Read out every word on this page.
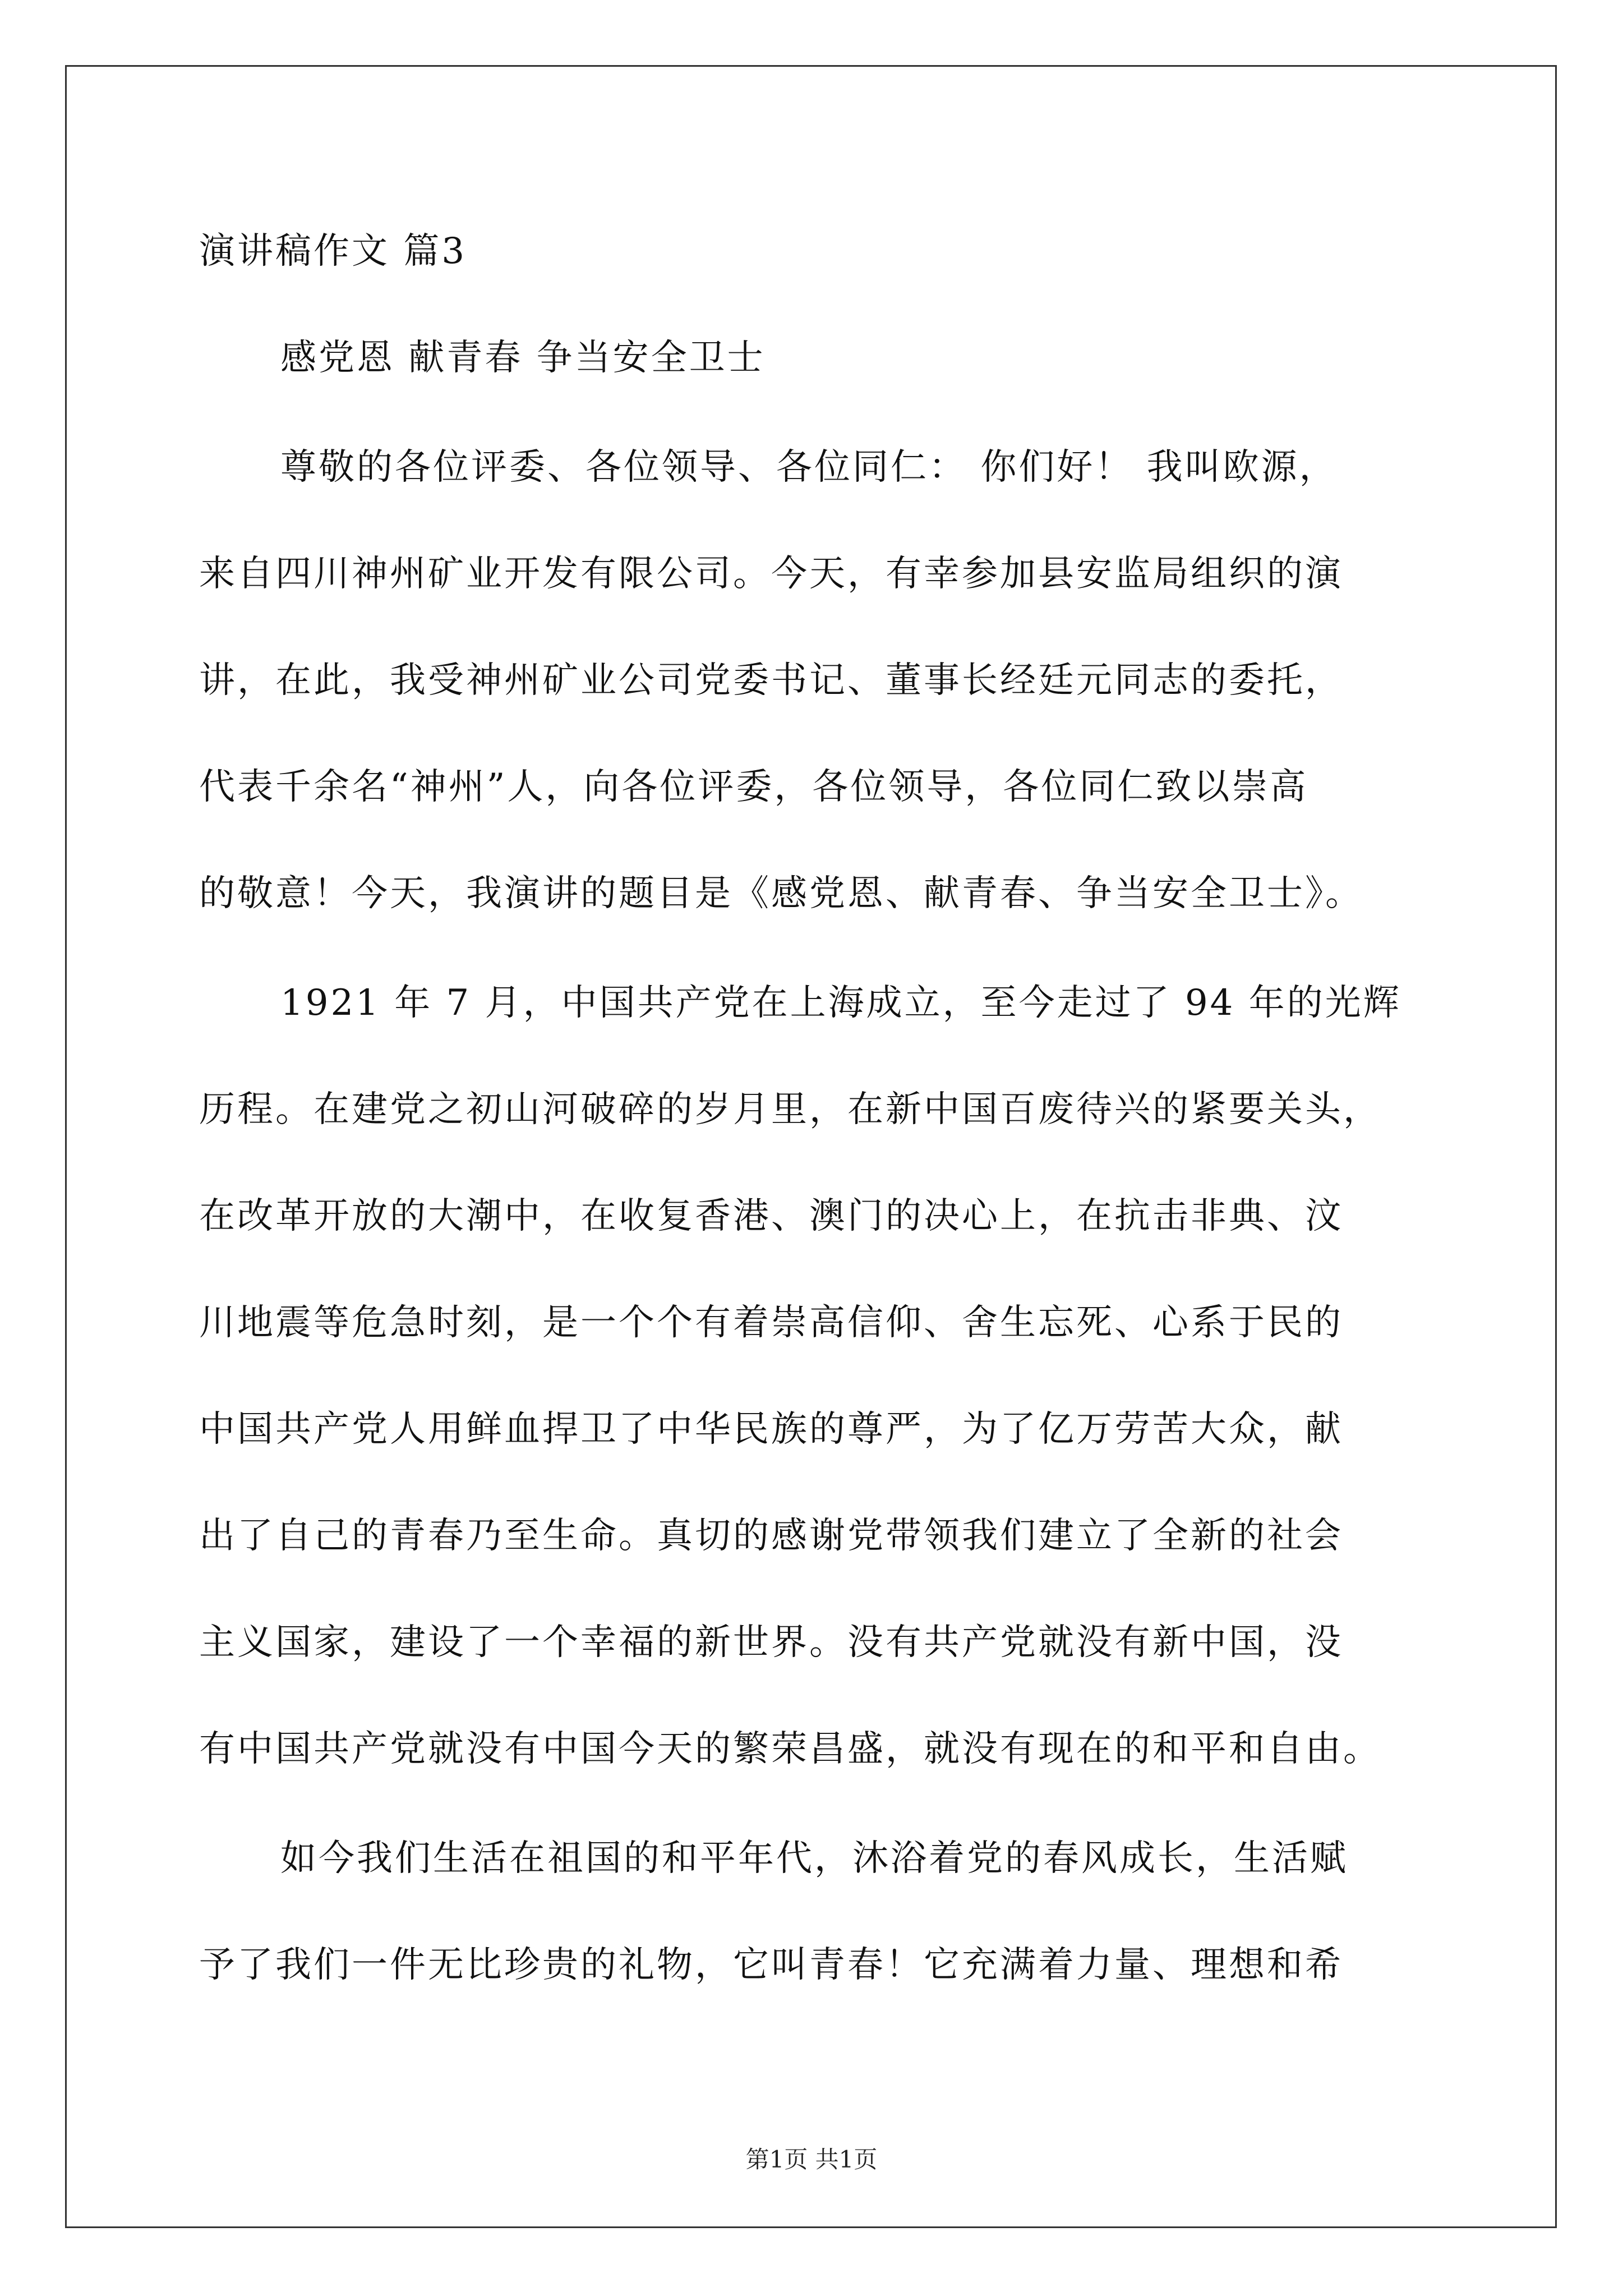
演讲稿作文 篇3
感党恩 献青春 争当安全卫士
尊敬的各位评委、各位领导、各位同仁： 你们好！ 我叫欧源，
来自四川神州矿业开发有限公司。今天，有幸参加县安监局组织的演
讲，在此，我受神州矿业公司党委书记、董事长经廷元同志的委托，
代表千余名“神州”人，向各位评委，各位领导，各位同仁致以崇高
的敬意！今天，我演讲的题目是《感党恩、献青春、争当安全卫士》。
1921 年 7 月，中国共产党在上海成立，至今走过了 94 年的光辉
历程。在建党之初山河破碎的岁月里，在新中国百废待兴的紧要关头，
在改革开放的大潮中，在收复香港、澳门的决心上，在抗击非典、汶
川地震等危急时刻，是一个个有着崇高信仰、舍生忘死、心系于民的
中国共产党人用鲜血捍卫了中华民族的尊严，为了亿万劳苦大众，献
出了自己的青春乃至生命。真切的感谢党带领我们建立了全新的社会
主义国家，建设了一个幸福的新世界。没有共产党就没有新中国，没
有中国共产党就没有中国今天的繁荣昌盛，就没有现在的和平和自由。
如今我们生活在祖国的和平年代，沐浴着党的春风成长，生活赋
予了我们一件无比珍贵的礼物，它叫青春！它充满着力量、理想和希
第1页 共1页
